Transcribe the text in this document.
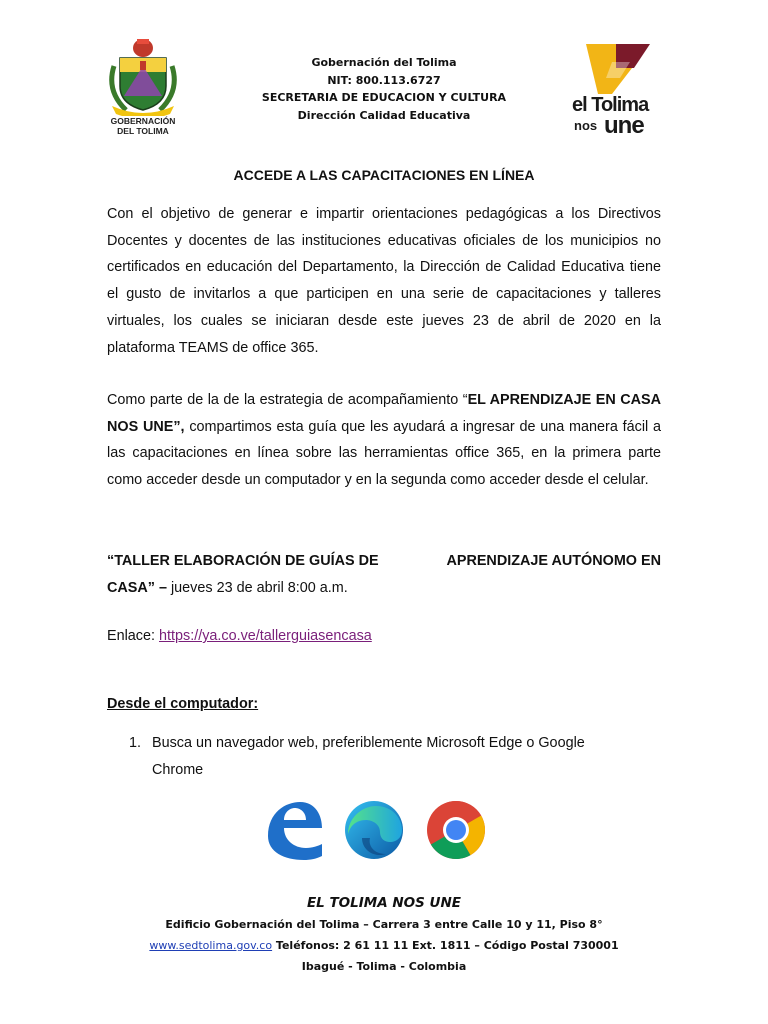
GOBERNACIÓN
DEL TOLIMA
Gobernación del Tolima
NIT: 800.113.6727
SECRETARIA DE EDUCACION Y CULTURA
Dirección Calidad Educativa	el Tolima
nos une
ACCEDE A LAS CAPACITACIONES EN LÍNEA
Con el objetivo de generar e impartir orientaciones pedagógicas a los Directivos Docentes y docentes de las instituciones educativas oficiales de los municipios no certificados en educación del Departamento, la Dirección de Calidad Educativa tiene el gusto de invitarlos a que participen en una serie de capacitaciones y talleres virtuales, los cuales se iniciaran desde este jueves 23 de abril de 2020 en la plataforma TEAMS de office 365.
Como parte de la de la estrategia de acompañamiento “EL APRENDIZAJE EN CASA NOS UNE”, compartimos esta guía que les ayudará a ingresar de una manera fácil a las capacitaciones en línea sobre las herramientas office 365, en la primera parte como acceder desde un computador y en la segunda como acceder desde el celular.
“TALLER ELABORACIÓN DE GUÍAS DE	APRENDIZAJE AUTÓNOMO EN
CASA” – jueves 23 de abril 8:00 a.m.
Enlace: https://ya.co.ve/tallerguiasencasa
Desde el computador:
1. Busca un navegador web, preferiblemente Microsoft Edge o Google Chrome
EL TOLIMA NOS UNE
Edificio Gobernación del Tolima – Carrera 3 entre Calle 10 y 11, Piso 8°
www.sedtolima.gov.co Teléfonos: 2 61 11 11 Ext. 1811 – Código Postal 730001
Ibagué - Tolima - Colombia
